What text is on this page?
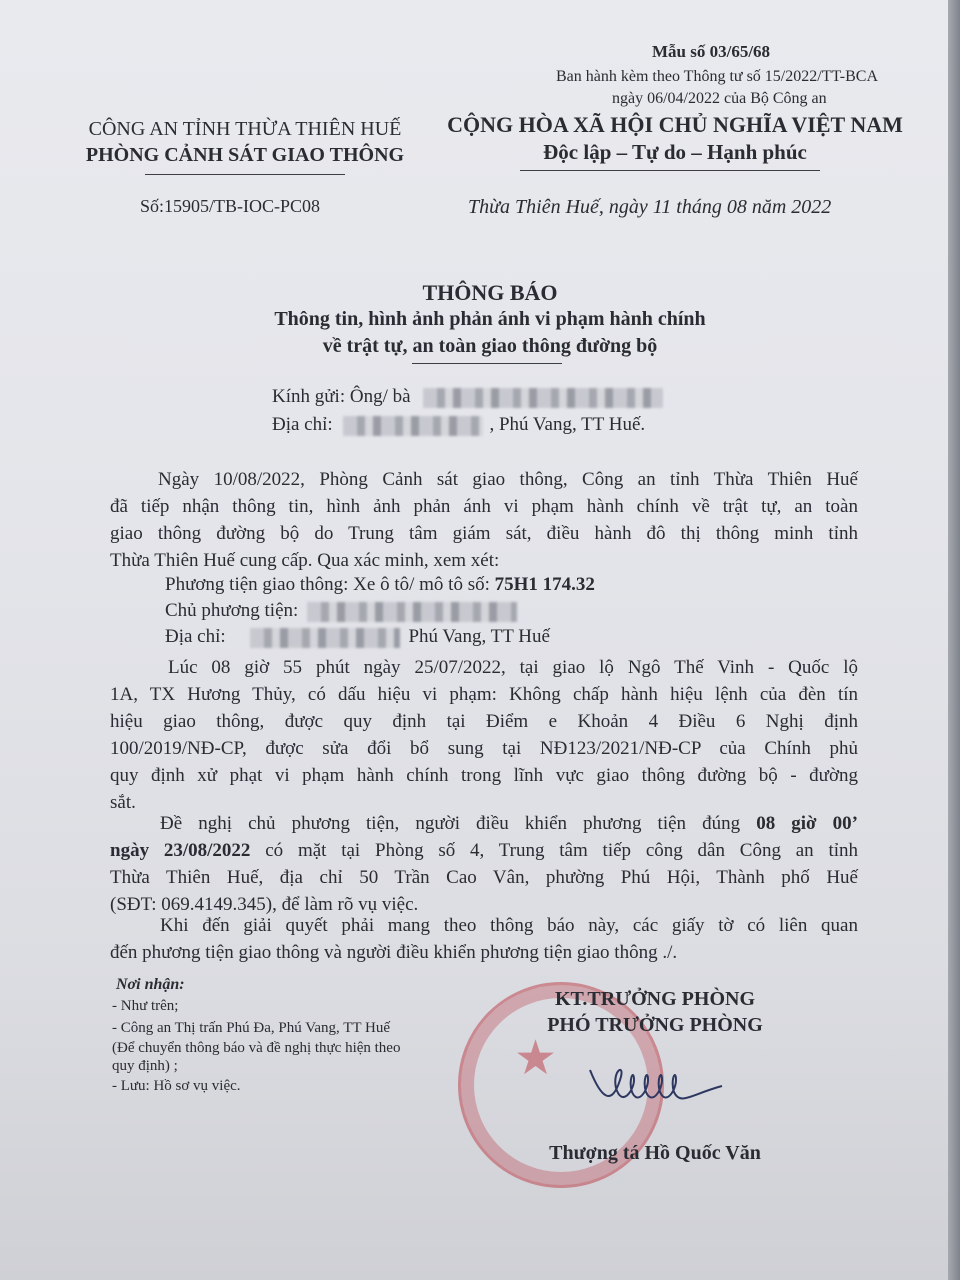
Mẫu số 03/65/68
Ban hành kèm theo Thông tư số 15/2022/TT-BCA
ngày 06/04/2022 của Bộ Công an
CÔNG AN TỈNH THỪA THIÊN HUẾ
PHÒNG CẢNH SÁT GIAO THÔNG
CỘNG HÒA XÃ HỘI CHỦ NGHĨA VIỆT NAM
Độc lập – Tự do – Hạnh phúc
Số:15905/TB-IOC-PC08	Thừa Thiên Huế, ngày 11 tháng 08 năm 2022
THÔNG BÁO
Thông tin, hình ảnh phản ánh vi phạm hành chính
về trật tự, an toàn giao thông đường bộ
Kính gửi: Ông/ bà
Địa chỉ:	, Phú Vang, TT Huế.
Ngày 10/08/2022, Phòng Cảnh sát giao thông, Công an tỉnh Thừa Thiên Huế
đã tiếp nhận thông tin, hình ảnh phản ánh vi phạm hành chính về trật tự, an toàn
giao thông đường bộ do Trung tâm giám sát, điều hành đô thị thông minh tỉnh
Thừa Thiên Huế cung cấp. Qua xác minh, xem xét:
Phương tiện giao thông: Xe ô tô/ mô tô số: 75H1 174.32
Chủ phương tiện:
Địa chỉ:	Phú Vang, TT Huế
Lúc 08 giờ 55 phút ngày 25/07/2022, tại giao lộ Ngô Thế Vinh - Quốc lộ
1A, TX Hương Thủy, có dấu hiệu vi phạm: Không chấp hành hiệu lệnh của đèn tín
hiệu giao thông, được quy định tại Điểm e Khoản 4 Điều 6 Nghị định
100/2019/NĐ-CP, được sửa đổi bổ sung tại NĐ123/2021/NĐ-CP của Chính phủ
quy định xử phạt vi phạm hành chính trong lĩnh vực giao thông đường bộ - đường
sắt.
Đề nghị chủ phương tiện, người điều khiển phương tiện đúng 08 giờ 00’
ngày 23/08/2022 có mặt tại Phòng số 4, Trung tâm tiếp công dân Công an tỉnh
Thừa Thiên Huế, địa chỉ 50 Trần Cao Vân, phường Phú Hội, Thành phố Huế
(SĐT: 069.4149.345), để làm rõ vụ việc.
Khi đến giải quyết phải mang theo thông báo này, các giấy tờ có liên quan
đến phương tiện giao thông và người điều khiển phương tiện giao thông ./.
Nơi nhận:
- Như trên;
- Công an Thị trấn Phú Đa, Phú Vang, TT Huế
(Để chuyển thông báo và đề nghị thực hiện theo
quy định) ;
- Lưu: Hồ sơ vụ việc.
★
KT.TRƯỞNG PHÒNG
PHÓ TRƯỞNG PHÒNG
Thượng tá Hồ Quốc Văn
